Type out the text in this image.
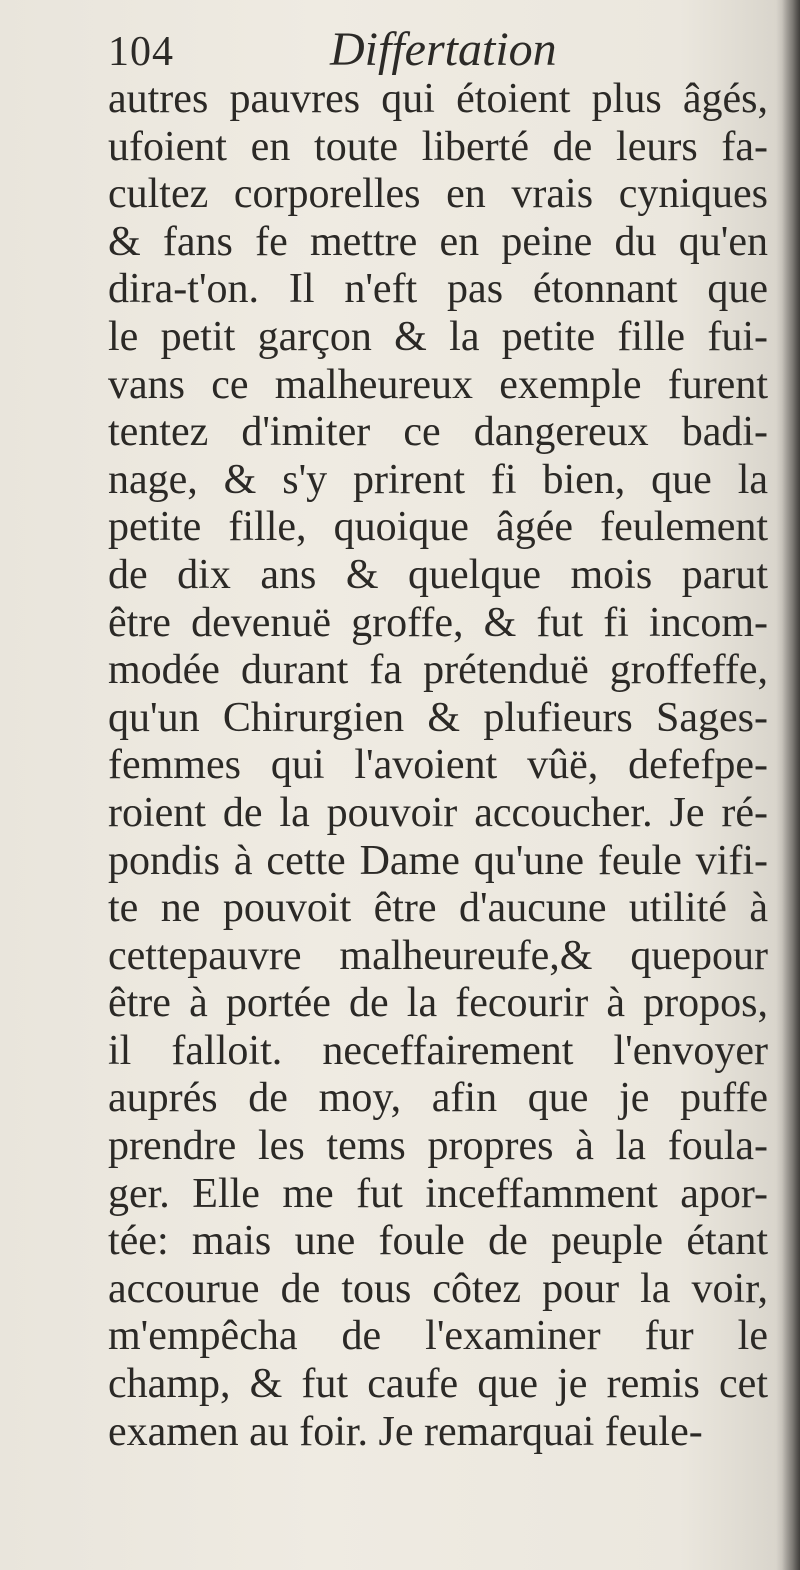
104	Differtation
autres pauvres qui étoient plus âgés,
ufoient en toute liberté de leurs fa-
cultez corporelles en vrais cyniques
& fans fe mettre en peine du qu'en
dira-t'on. Il n'eft pas étonnant que
le petit garçon & la petite fille fui-
vans ce malheureux exemple furent
tentez d'imiter ce dangereux badi-
nage, & s'y prirent fi bien, que la
petite fille, quoique âgée feulement
de dix ans & quelque mois parut
être devenuë groffe, & fut fi incom-
modée durant fa prétenduë groffeffe,
qu'un Chirurgien & plufieurs Sages-
femmes qui l'avoient vûë, defefpe-
roient de la pouvoir accoucher. Je ré-
pondis à cette Dame qu'une feule vifi-
te ne pouvoit être d'aucune utilité à
cettepauvre malheureufe,& quepour
être à portée de la fecourir à propos,
il falloit. neceffairement l'envoyer
auprés de moy, afin que je puffe
prendre les tems propres à la foula-
ger. Elle me fut inceffamment apor-
tée: mais une foule de peuple étant
accourue de tous côtez pour la voir,
m'empêcha de l'examiner fur le
champ, & fut caufe que je remis cet
examen au foir. Je remarquai feule-
